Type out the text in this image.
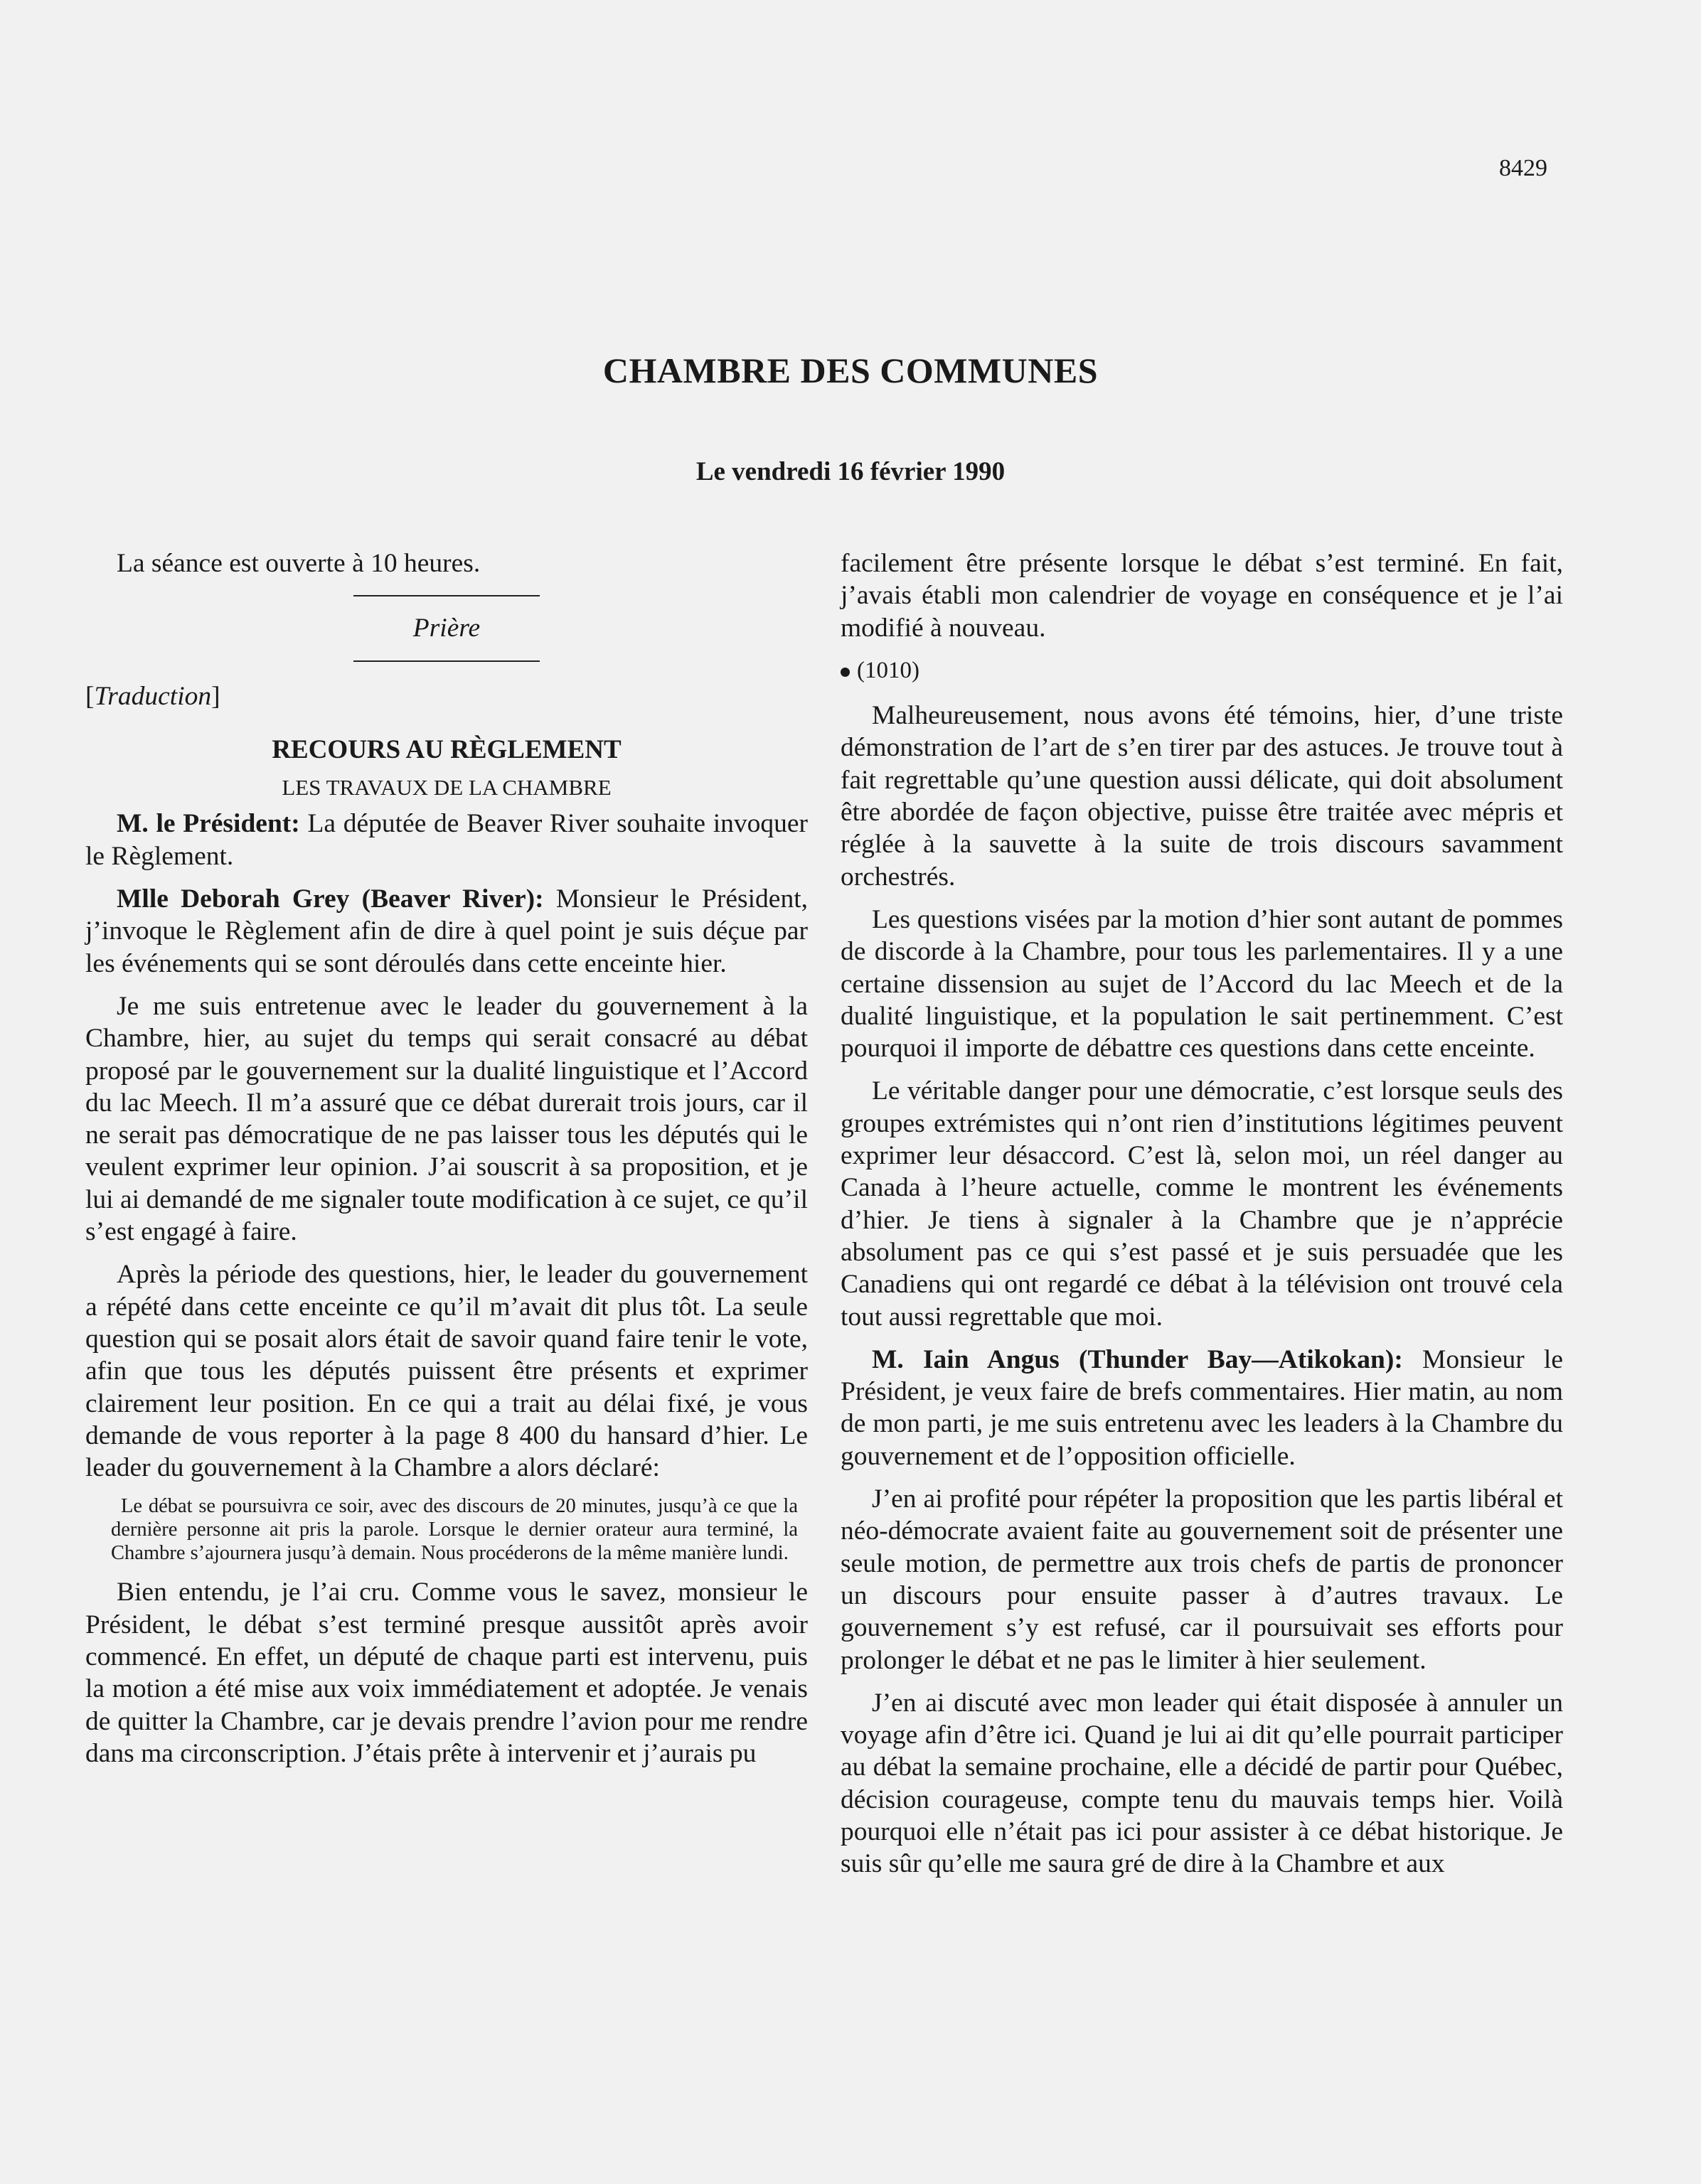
8429
CHAMBRE DES COMMUNES
Le vendredi 16 février 1990

La séance est ouverte à 10 heures.

Prière

[Traduction]

RECOURS AU RÈGLEMENT

LES TRAVAUX DE LA CHAMBRE

M. le Président: La députée de Beaver River souhaite invoquer le Règlement.

Mlle Deborah Grey (Beaver River): Monsieur le Président, j’invoque le Règlement afin de dire à quel point je suis déçue par les événements qui se sont déroulés dans cette enceinte hier.

Je me suis entretenue avec le leader du gouvernement à la Chambre, hier, au sujet du temps qui serait consacré au débat proposé par le gouvernement sur la dualité linguistique et l’Accord du lac Meech. Il m’a assuré que ce débat durerait trois jours, car il ne serait pas démocratique de ne pas laisser tous les députés qui le veulent exprimer leur opinion. J’ai souscrit à sa proposition, et je lui ai demandé de me signaler toute modification à ce sujet, ce qu’il s’est engagé à faire.

Après la période des questions, hier, le leader du gouvernement a répété dans cette enceinte ce qu’il m’avait dit plus tôt. La seule question qui se posait alors était de savoir quand faire tenir le vote, afin que tous les députés puissent être présents et exprimer clairement leur position. En ce qui a trait au délai fixé, je vous demande de vous reporter à la page 8 400 du hansard d’hier. Le leader du gouvernement à la Chambre a alors déclaré:

Le débat se poursuivra ce soir, avec des discours de 20 minutes, jusqu’à ce que la dernière personne ait pris la parole. Lorsque le dernier orateur aura terminé, la Chambre s’ajournera jusqu’à demain. Nous procéderons de la même manière lundi.

Bien entendu, je l’ai cru. Comme vous le savez, monsieur le Président, le débat s’est terminé presque aussitôt après avoir commencé. En effet, un député de chaque parti est intervenu, puis la motion a été mise aux voix immédiatement et adoptée. Je venais de quitter la Chambre, car je devais prendre l’avion pour me rendre dans ma circonscription. J’étais prête à intervenir et j’aurais pu

facilement être présente lorsque le débat s’est terminé. En fait, j’avais établi mon calendrier de voyage en conséquence et je l’ai modifié à nouveau.

(1010)

Malheureusement, nous avons été témoins, hier, d’une triste démonstration de l’art de s’en tirer par des astuces. Je trouve tout à fait regrettable qu’une question aussi délicate, qui doit absolument être abordée de façon objective, puisse être traitée avec mépris et réglée à la sauvette à la suite de trois discours savamment orchestrés.

Les questions visées par la motion d’hier sont autant de pommes de discorde à la Chambre, pour tous les parlementaires. Il y a une certaine dissension au sujet de l’Accord du lac Meech et de la dualité linguistique, et la population le sait pertinemment. C’est pourquoi il importe de débattre ces questions dans cette enceinte.

Le véritable danger pour une démocratie, c’est lorsque seuls des groupes extrémistes qui n’ont rien d’institutions légitimes peuvent exprimer leur désaccord. C’est là, selon moi, un réel danger au Canada à l’heure actuelle, comme le montrent les événements d’hier. Je tiens à signaler à la Chambre que je n’apprécie absolument pas ce qui s’est passé et je suis persuadée que les Canadiens qui ont regardé ce débat à la télévision ont trouvé cela tout aussi regrettable que moi.

M. Iain Angus (Thunder Bay—Atikokan): Monsieur le Président, je veux faire de brefs commentaires. Hier matin, au nom de mon parti, je me suis entretenu avec les leaders à la Chambre du gouvernement et de l’opposition officielle.

J’en ai profité pour répéter la proposition que les partis libéral et néo-démocrate avaient faite au gouvernement soit de présenter une seule motion, de permettre aux trois chefs de partis de prononcer un discours pour ensuite passer à d’autres travaux. Le gouvernement s’y est refusé, car il poursuivait ses efforts pour prolonger le débat et ne pas le limiter à hier seulement.

J’en ai discuté avec mon leader qui était disposée à annuler un voyage afin d’être ici. Quand je lui ai dit qu’elle pourrait participer au débat la semaine prochaine, elle a décidé de partir pour Québec, décision courageuse, compte tenu du mauvais temps hier. Voilà pourquoi elle n’était pas ici pour assister à ce débat historique. Je suis sûr qu’elle me saura gré de dire à la Chambre et aux
